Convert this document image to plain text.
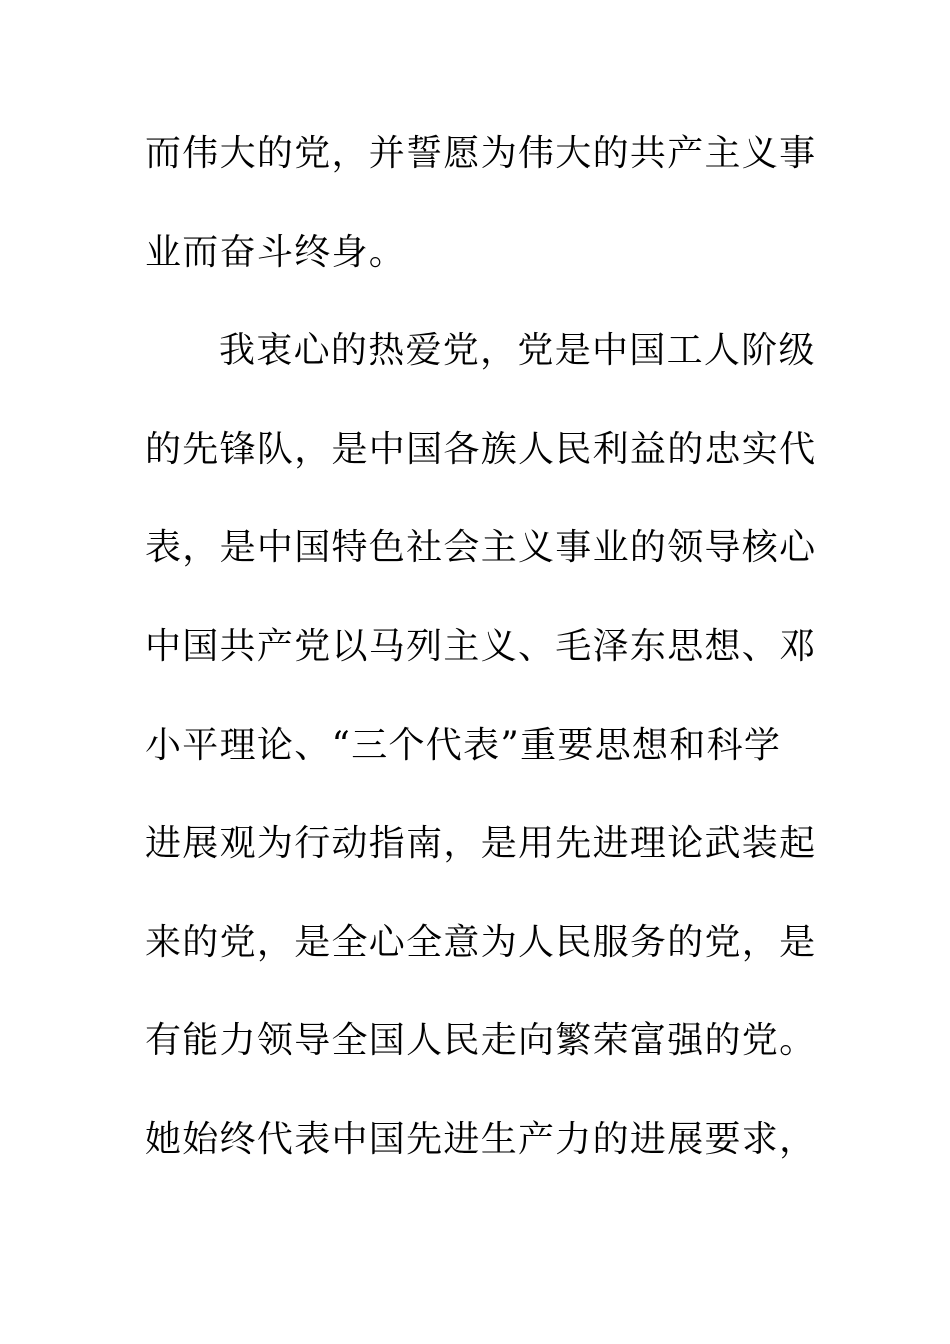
而伟大的党，并誓愿为伟大的共产主义事
业而奋斗终身。
我衷心的热爱党，党是中国工人阶级
的先锋队，是中国各族人民利益的忠实代
表，是中国特色社会主义事业的领导核心
中国共产党以马列主义、毛泽东思想、邓
小平理论、“三个代表”重要思想和科学
进展观为行动指南，是用先进理论武装起
来的党，是全心全意为人民服务的党，是
有能力领导全国人民走向繁荣富强的党。
她始终代表中国先进生产力的进展要求，
